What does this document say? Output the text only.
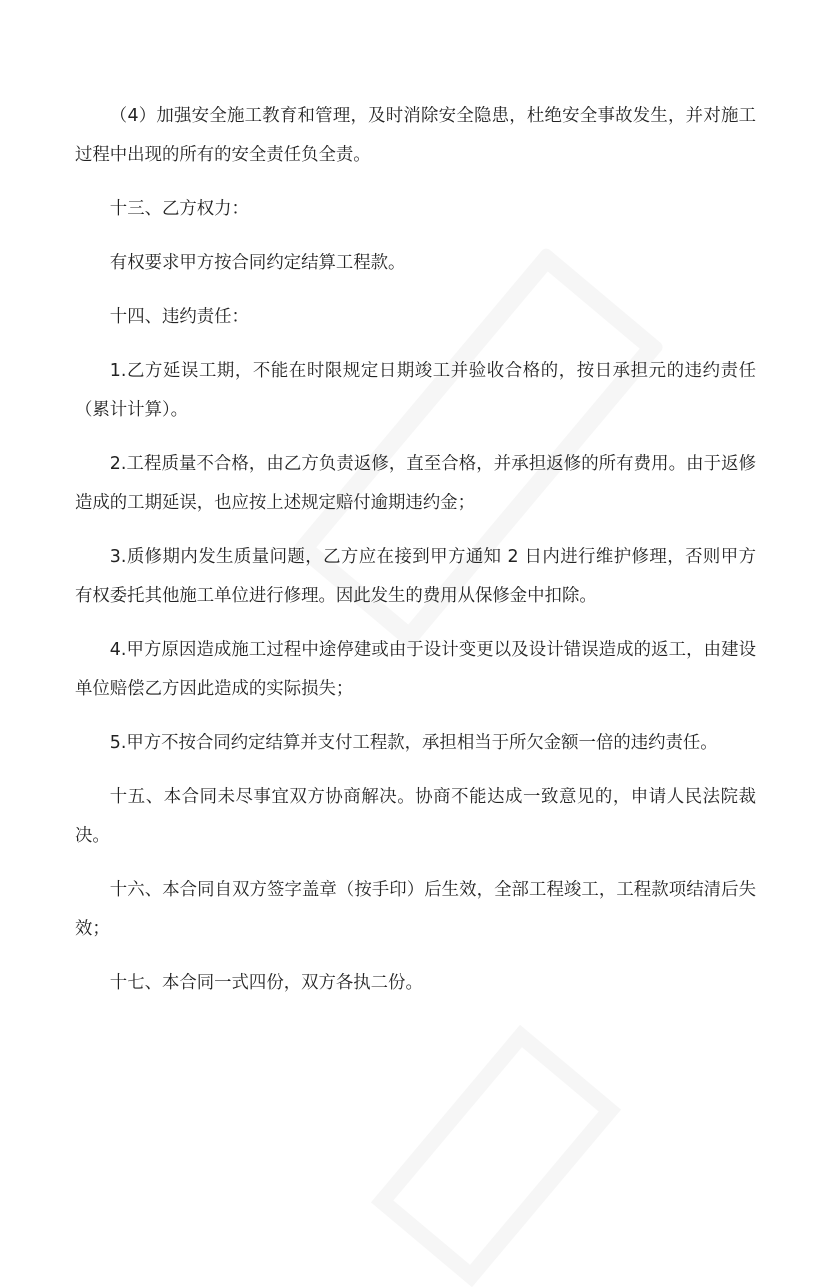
（4）加强安全施工教育和管理，及时消除安全隐患，杜绝安全事故发生，并对施工过程中出现的所有的安全责任负全责。

十三、乙方权力：

有权要求甲方按合同约定结算工程款。

十四、违约责任：

1.乙方延误工期，不能在时限规定日期竣工并验收合格的，按日承担元的违约责任（累计计算）。

2.工程质量不合格，由乙方负责返修，直至合格，并承担返修的所有费用。由于返修造成的工期延误，也应按上述规定赔付逾期违约金；

3.质修期内发生质量问题，乙方应在接到甲方通知 2 日内进行维护修理，否则甲方有权委托其他施工单位进行修理。因此发生的费用从保修金中扣除。

4.甲方原因造成施工过程中途停建或由于设计变更以及设计错误造成的返工，由建设单位赔偿乙方因此造成的实际损失；

5.甲方不按合同约定结算并支付工程款，承担相当于所欠金额一倍的违约责任。

十五、本合同未尽事宜双方协商解决。协商不能达成一致意见的，申请人民法院裁决。

十六、本合同自双方签字盖章（按手印）后生效，全部工程竣工，工程款项结清后失效；

十七、本合同一式四份，双方各执二份。
